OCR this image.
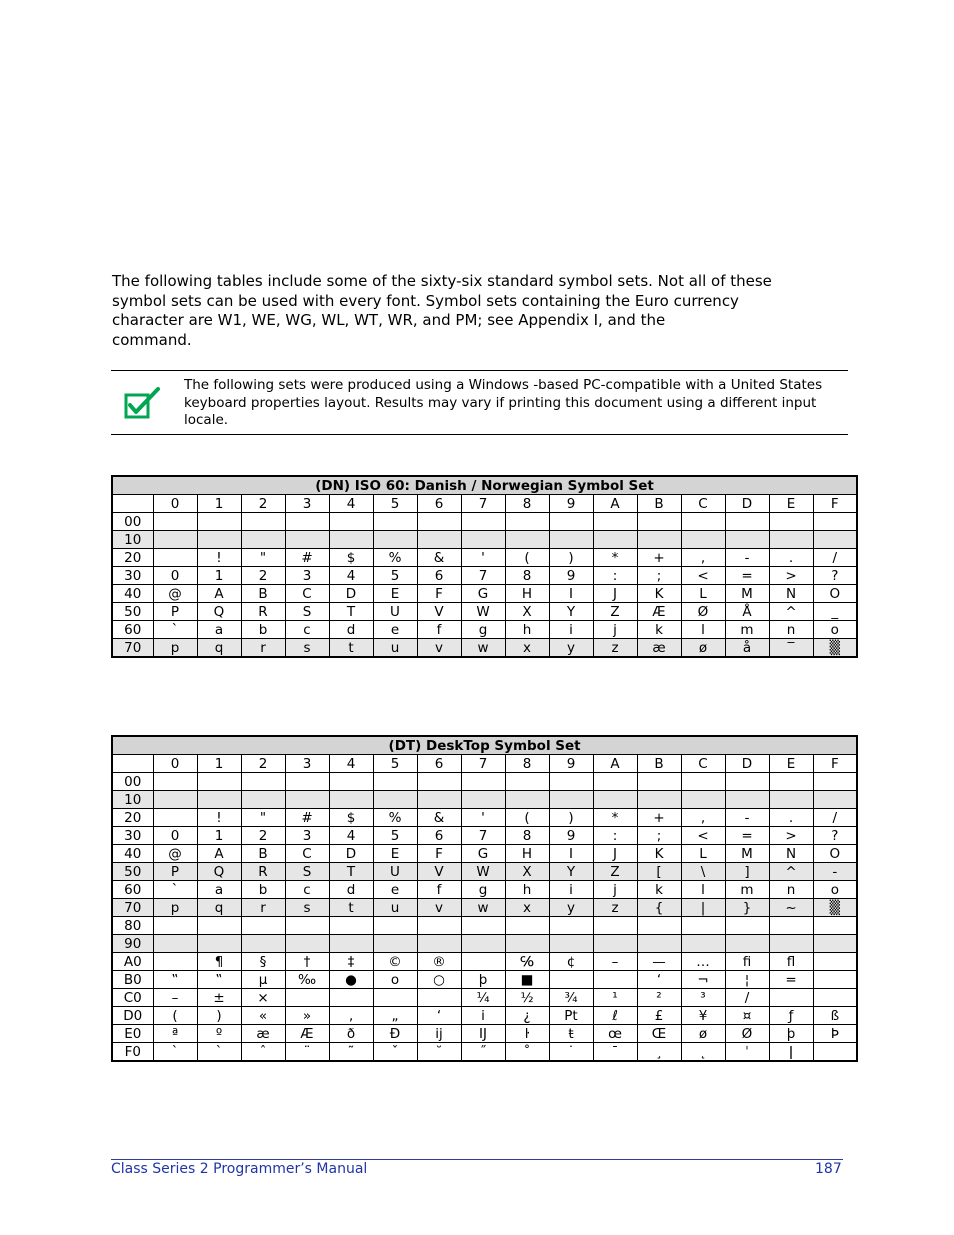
The following tables include some of the sixty-six standard symbol sets. Not all of these

symbol sets can be used with every font. Symbol sets containing the Euro currency

character are W1, WE, WG, WL, WT, WR, and PM; see Appendix I, and the

command.

The following sets were produced using a Windows -based PC-compatible with a United States keyboard properties layout. Results may vary if printing this document using a different input locale.
(DN) ISO 60: Danish / Norwegian Symbol Set																
	0	1	2	3	4	5	6	7	8	9	A	B	C	D	E	F
00																
10																
20		!	"	#	$	%	&	'	(	)	*	+	,	-	.	/
30	0	1	2	3	4	5	6	7	8	9	:	;	<	=	>	?
40	@	A	B	C	D	E	F	G	H	I	J	K	L	M	N	O
50	P	Q	R	S	T	U	V	W	X	Y	Z	Æ	Ø	Å	^	_
60	`	a	b	c	d	e	f	g	h	i	j	k	l	m	n	o
70	p	q	r	s	t	u	v	w	x	y	z	æ	ø	å	‾	▒
(DT) DeskTop Symbol Set																
	0	1	2	3	4	5	6	7	8	9	A	B	C	D	E	F
00																
10																
20		!	"	#	$	%	&	'	(	)	*	+	,	-	.	/
30	0	1	2	3	4	5	6	7	8	9	:	;	<	=	>	?
40	@	A	B	C	D	E	F	G	H	I	J	K	L	M	N	O
50	P	Q	R	S	T	U	V	W	X	Y	Z	[	\	]	^	-
60	`	a	b	c	d	e	f	g	h	i	j	k	l	m	n	o
70	p	q	r	s	t	u	v	w	x	y	z	{	|	}	~	▒
80																
90																
A0		¶	§	†	‡	©	®		℅	¢	–	—	…	ﬁ	ﬂ	
B0	‟	‟	μ	‰	●	o	○	þ	■			‘	¬	¦	=	
C0	–	±	×					¼	½	¾	¹	²	³	/		
D0	(	)	«	»	‚	„	‘	i	¿	Pt	ℓ	£	¥	¤	ƒ	ß
E0	ª	º	æ	Æ	ð	Đ	ĳ	Ĳ	ŀ	ŧ	œ	Œ	ø	Ø	þ	Þ
F0	`	`	ˆ	¨	˜	ˇ	˘	˝	˚	˙	¯	¸	˛	ˈ	ǀ	
Class Series 2 Programmer’s Manual	187
